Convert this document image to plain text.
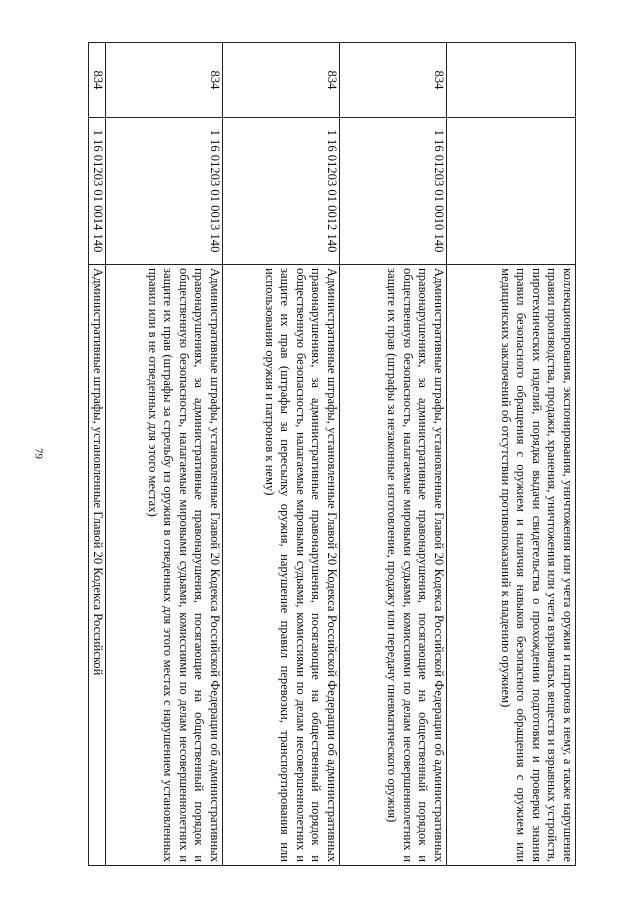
79

		коллекционирования, экспонирования, уничтожения или учета оружия и патронов к нему, а также нарушение правил производства, продажи, хранения, уничтожения или учета взрывчатых веществ и взрывных устройств, пиротехнических изделий, порядка выдачи свидетельства о прохождении подготовки и проверки знания правил безопасного обращения с оружием и наличия навыков безопасного обращения с оружием или медицинских заключений об отсутствии противопоказаний к владению оружием)

834	1 16 01203 01 0010 140	Административные штрафы, установленные Главой 20 Кодекса Российской Федерации об административных правонарушениях, за административные правонарушения, посягающие на общественный порядок и общественную безопасность, налагаемые мировыми судьями, комиссиями по делам несовершеннолетних и защите их прав (штрафы за незаконные изготовление, продажу или передачу пневматического оружия)

834	1 16 01203 01 0012 140	Административные штрафы, установленные Главой 20 Кодекса Российской Федерации об административных правонарушениях, за административные правонарушения, посягающие на общественный порядок и общественную безопасность, налагаемые мировыми судьями, комиссиями по делам несовершеннолетних и защите их прав (штрафы за пересылку оружия, нарушение правил перевозки, транспортирования или использования оружия и патронов к нему)

834	1 16 01203 01 0013 140	Административные штрафы, установленные Главой 20 Кодекса Российской Федерации об административных правонарушениях, за административные правонарушения, посягающие на общественный порядок и общественную безопасность, налагаемые мировыми судьями, комиссиями по делам несовершеннолетних и защите их прав (штрафы за стрельбу из оружия в отведенных для этого местах с нарушением установленных правил или в не отведенных для этого местах)

834	1 16 01203 01 0014 140	Административные штрафы, установленные Главой 20 Кодекса Российской
